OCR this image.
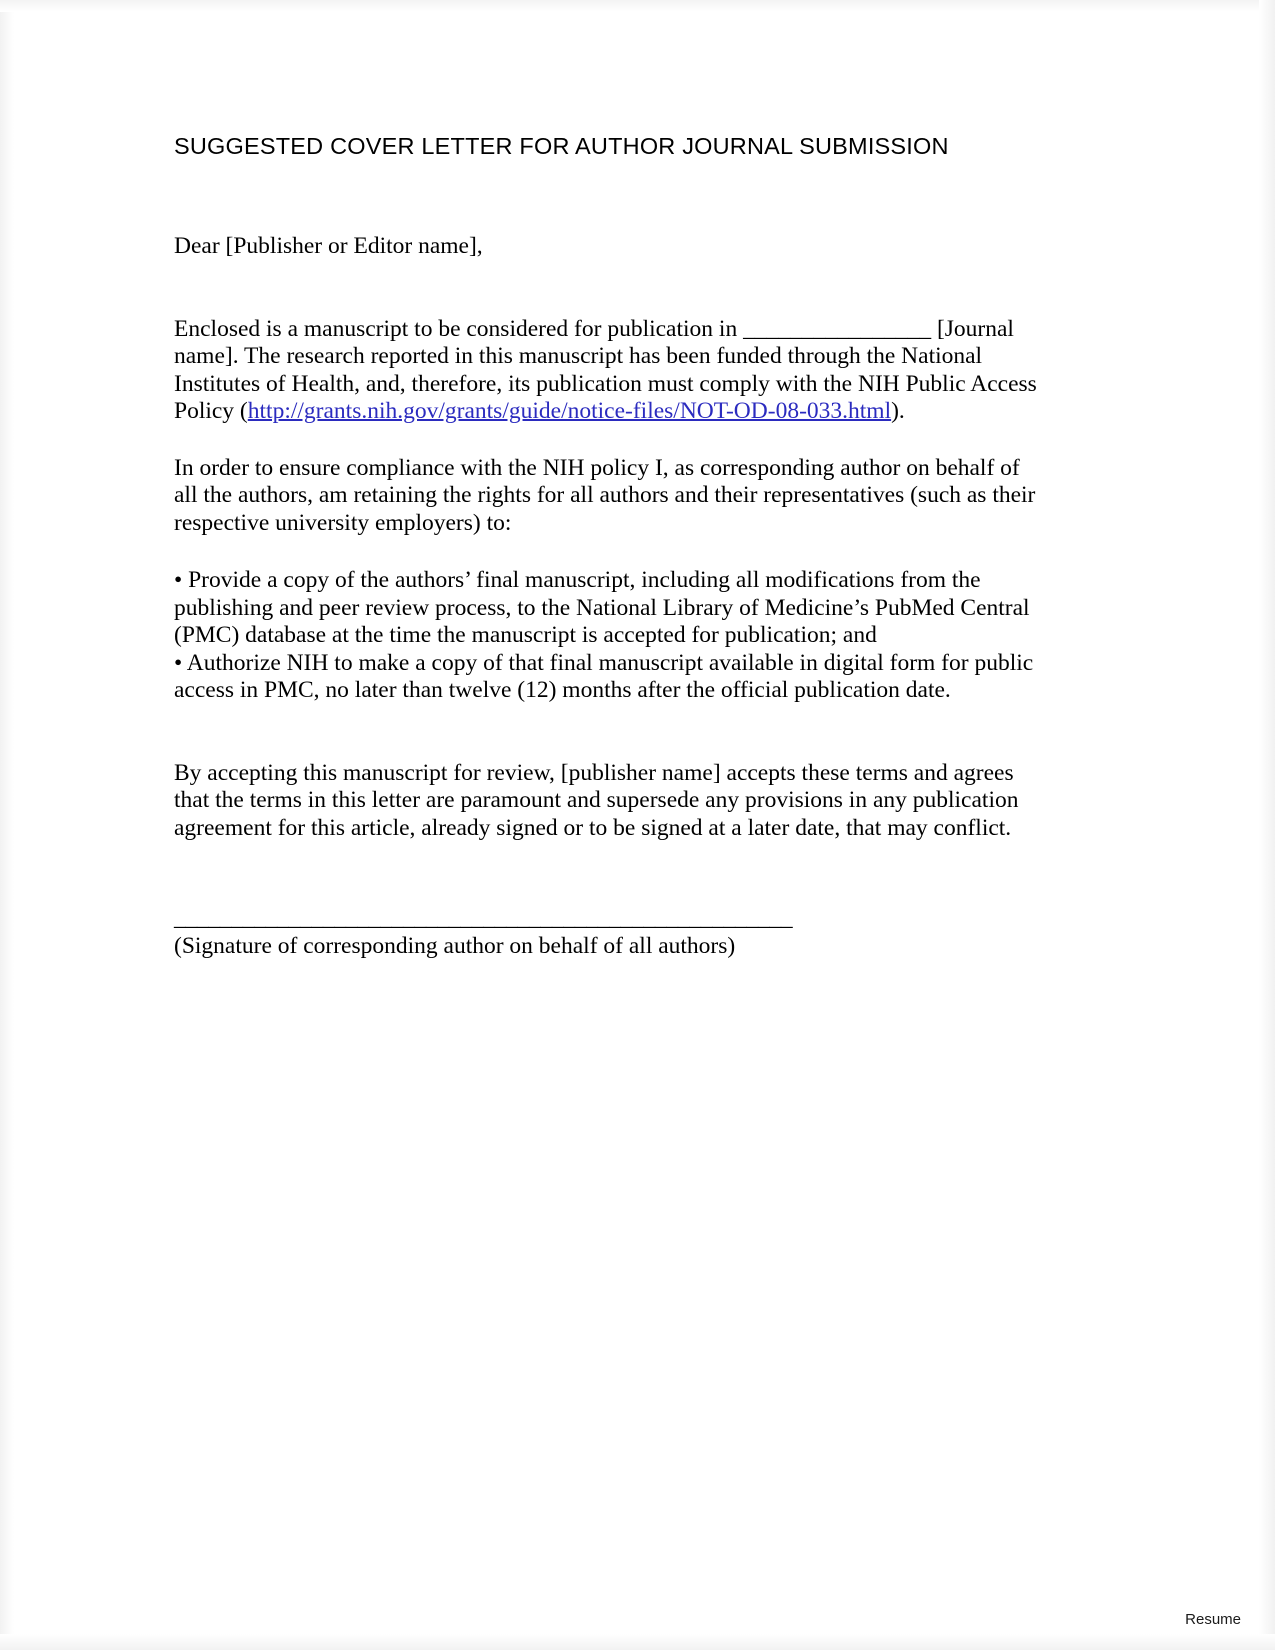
SUGGESTED COVER LETTER FOR AUTHOR JOURNAL SUBMISSION

Dear [Publisher or Editor name],

Enclosed is a manuscript to be considered for publication in ________________ [Journal name]. The research reported in this manuscript has been funded through the National Institutes of Health, and, therefore, its publication must comply with the NIH Public Access Policy (http://grants.nih.gov/grants/guide/notice-files/NOT-OD-08-033.html).

In order to ensure compliance with the NIH policy I, as corresponding author on behalf of all the authors, am retaining the rights for all authors and their representatives (such as their respective university employers) to:

• Provide a copy of the authors’ final manuscript, including all modifications from the publishing and peer review process, to the National Library of Medicine’s PubMed Central (PMC) database at the time the manuscript is accepted for publication; and
• Authorize NIH to make a copy of that final manuscript available in digital form for public access in PMC, no later than twelve (12) months after the official publication date.

By accepting this manuscript for review, [publisher name] accepts these terms and agrees that the terms in this letter are paramount and supersede any provisions in any publication agreement for this article, already signed or to be signed at a later date, that may conflict.

______________________________________________________
(Signature of corresponding author on behalf of all authors)
Resume
